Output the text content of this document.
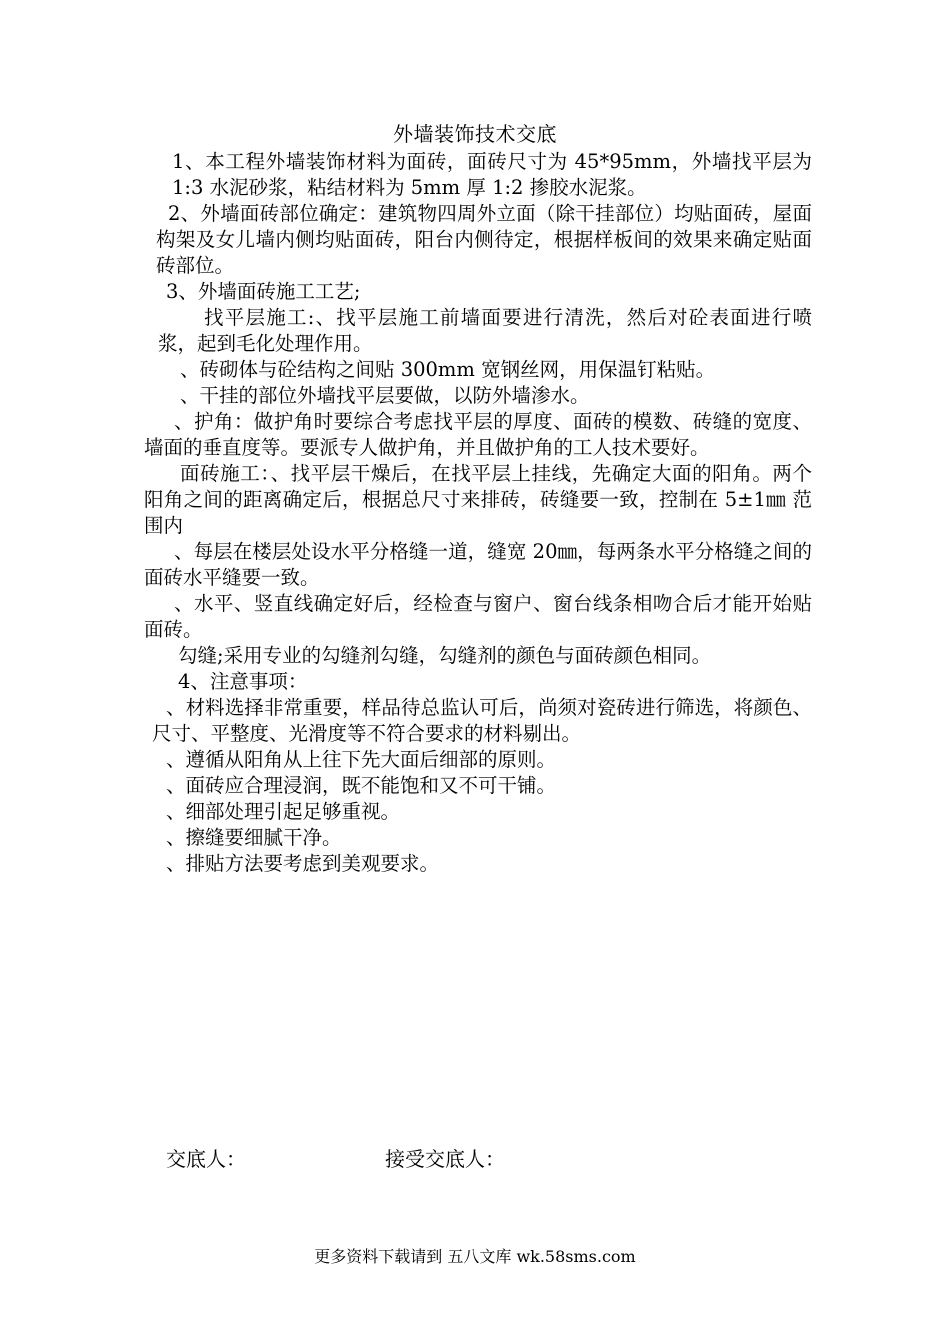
外墙装饰技术交底

1、本工程外墙装饰材料为面砖，面砖尺寸为 45*95mm，外墙找平层为 1:3 水泥砂浆，粘结材料为 5mm 厚 1:2 掺胶水泥浆。

2、外墙面砖部位确定：建筑物四周外立面（除干挂部位）均贴面砖，屋面构架及女儿墙内侧均贴面砖，阳台内侧待定，根据样板间的效果来确定贴面砖部位。

3、外墙面砖施工工艺;

找平层施工:、找平层施工前墙面要进行清洗，然后对砼表面进行喷浆，起到毛化处理作用。

、砖砌体与砼结构之间贴 300mm 宽钢丝网，用保温钉粘贴。

、干挂的部位外墙找平层要做，以防外墙渗水。

、护角：做护角时要综合考虑找平层的厚度、面砖的模数、砖缝的宽度、墙面的垂直度等。要派专人做护角，并且做护角的工人技术要好。

面砖施工：、找平层干燥后，在找平层上挂线，先确定大面的阳角。两个阳角之间的距离确定后，根据总尺寸来排砖，砖缝要一致，控制在 5±1㎜ 范围内

、每层在楼层处设水平分格缝一道，缝宽 20㎜，每两条水平分格缝之间的面砖水平缝要一致。

、水平、竖直线确定好后，经检查与窗户、窗台线条相吻合后才能开始贴面砖。

勾缝;采用专业的勾缝剂勾缝，勾缝剂的颜色与面砖颜色相同。

4、注意事项：

、材料选择非常重要，样品待总监认可后，尚须对瓷砖进行筛选，将颜色、尺寸、平整度、光滑度等不符合要求的材料剔出。

、遵循从阳角从上往下先大面后细部的原则。

、面砖应合理浸润，既不能饱和又不可干铺。

、细部处理引起足够重视。

、擦缝要细腻干净。

、排贴方法要考虑到美观要求。

交底人：	接受交底人：
更多资料下载请到 五八文库 wk.58sms.com
